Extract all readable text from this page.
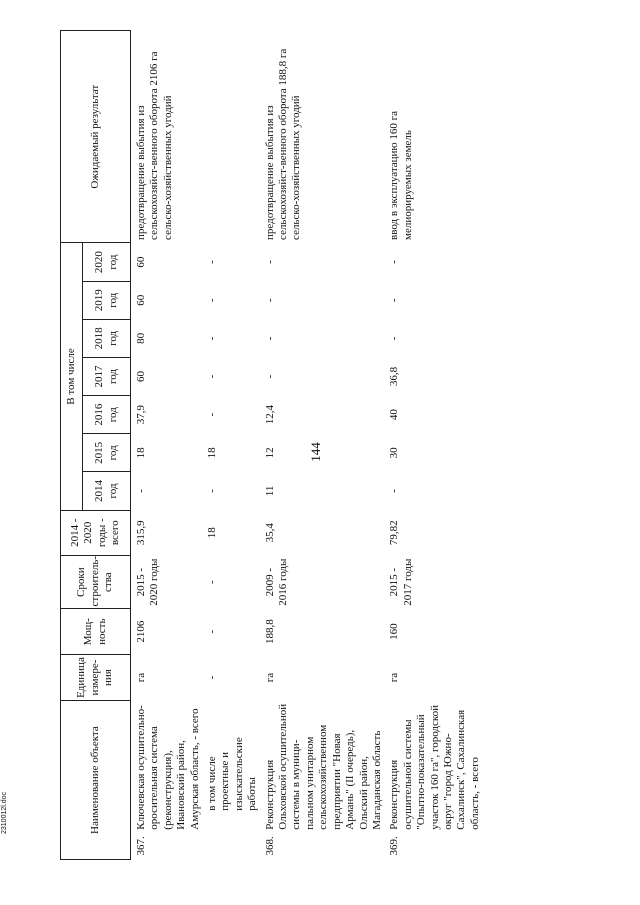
144
2310012l.doc	Наименование объекта		Единица измере-ния	Мощ-ность	Сроки строитель-ства	2014 - 2020 годы - всего	В том числе							Ожидаемый результат
						2014 год	2015 год	2016 год	2017 год	2018 год	2019 год	2020 год	
367.	Ключевская осушительно-оросительная система (реконструкция), Ивановский район, Амурская область, - всего	га	2106	2015 - 2020 годы	315,9	-	18	37,9	60	80	60	60	предотвращение выбытия из сельскохозяйст-венного оборота 2106 га сельско-хозяйственных угодий
	в том числе проектные и изыскательские работы	-	-	-	18	-	18	-	-	-	-	-	
368.	Реконструкция Ольховской осушительной системы в муници-пальном унитарном сельскохозяйственном предприятии "Новая Армань" (II очередь), Ольский район, Магаданская область	га	188,8	2009 - 2016 годы	35,4	11	12	12,4	-	-	-	-	предотвращение выбытия из сельскохозяйст-венного оборота 188,8 га сельско-хозяйственных угодий
369.	Реконструкция осушительной системы "Опытно-показательный участок 160 га", городской округ "город Южно-Сахалинск", Сахалинская область, - всего	га	160	2015 - 2017 годы	79,82	-	30	40	36,8	-	-	-	ввод в эксплуатацию 160 га мелиорируемых земель
